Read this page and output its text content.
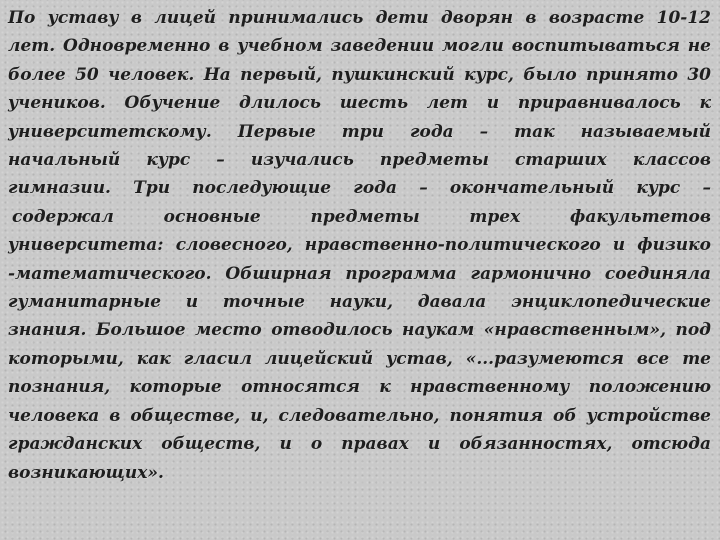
По уставу в лицей принимались дети дворян в возрасте 10-12
лет. Одновременно в учебном заведении могли воспитываться не
более 50 человек. На первый, пушкинский курс, было принято 30
учеников. Обучение длилось шесть лет и приравнивалось к
университетскому. Первые три года – так называемый
начальный курс – изучались предметы старших классов
гимназии. Три последующие года – окончательный курс –
содержал основные предметы трех факультетов
университета: словесного, нравственно-политического и физико
-математического. Обширная программа гармонично соединяла
гуманитарные и точные науки, давала энциклопедические
знания. Большое место отводилось наукам «нравственным», под
которыми, как гласил лицейский устав, «...разумеются все те
познания, которые относятся к нравственному положению
человека в обществе, и, следовательно, понятия об устройстве
гражданских обществ, и о правах и обязанностях, отсюда
возникающих».
